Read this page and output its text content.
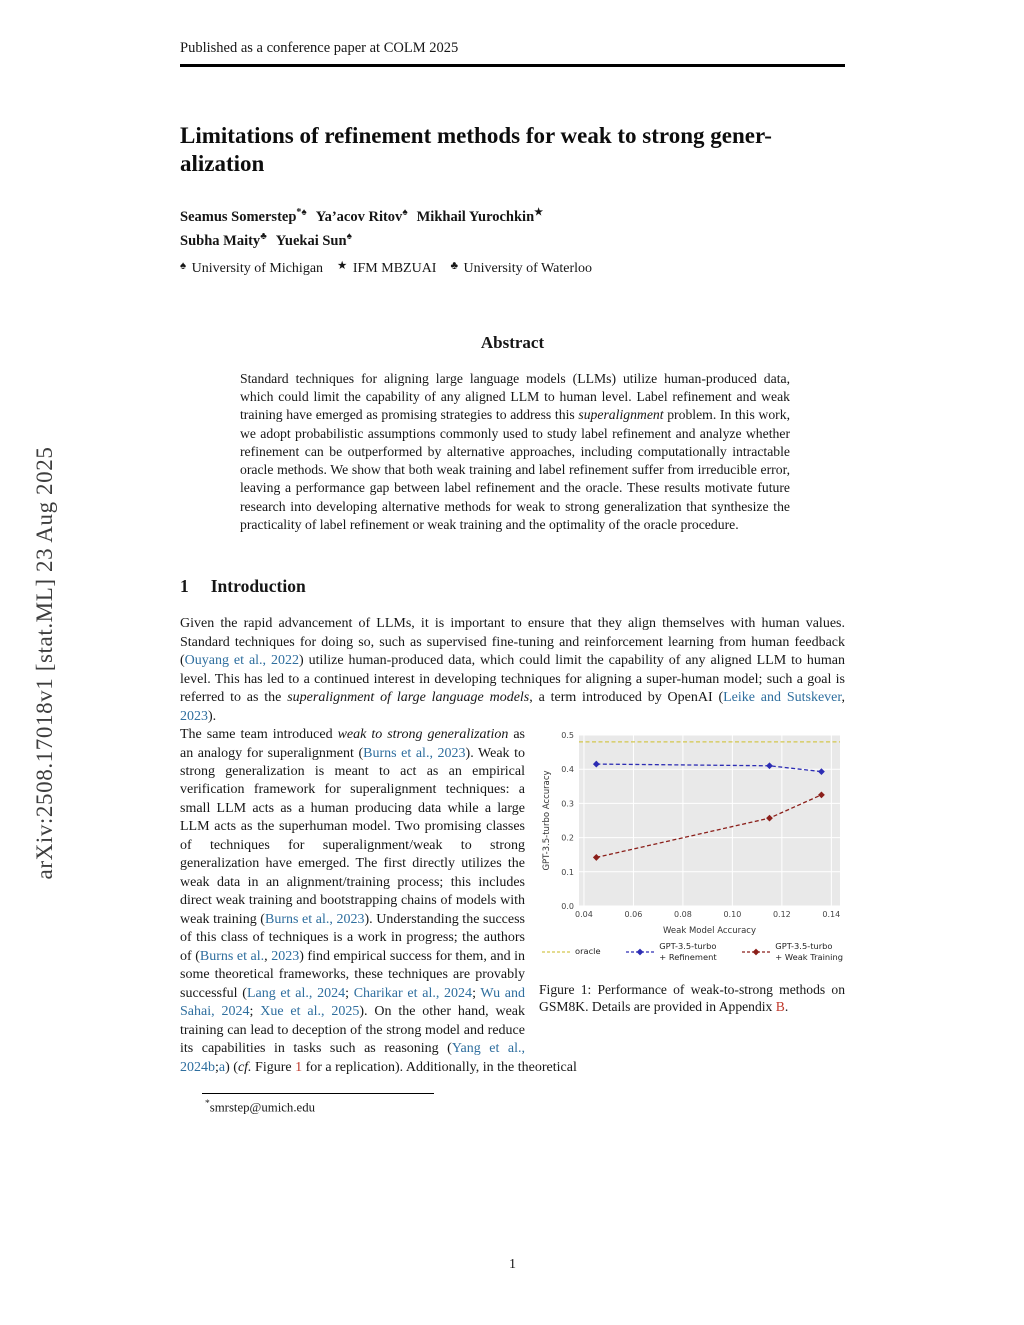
arXiv:2508.17018v1 [stat.ML] 23 Aug 2025
Published as a conference paper at COLM 2025
Limitations of refinement methods for weak to strong gener-
alization
Seamus Somerstep*♠ Ya’acov Ritov♠ Mikhail Yurochkin★
Subha Maity♣ Yuekai Sun♠
♠ University of Michigan ★ IFM MBZUAI ♣ University of Waterloo
Abstract

Standard techniques for aligning large language models (LLMs) utilize human-produced data, which could limit the capability of any aligned LLM to human level. Label refinement and weak training have emerged as promising strategies to address this superalignment problem. In this work, we adopt probabilistic assumptions commonly used to study label refinement and analyze whether refinement can be outperformed by alternative approaches, including computationally intractable oracle methods. We show that both weak training and label refinement suffer from irreducible error, leaving a performance gap between label refinement and the oracle. These results motivate future research into developing alternative methods for weak to strong generalization that synthesize the practicality of label refinement or weak training and the optimality of the oracle procedure.

1 Introduction

Given the rapid advancement of LLMs, it is important to ensure that they align themselves with human values. Standard techniques for doing so, such as supervised fine-tuning and reinforcement learning from human feedback (Ouyang et al., 2022) utilize human-produced data, which could limit the capability of any aligned LLM to human level. This has led to a continued interest in developing techniques for aligning a super-human model; such a goal is referred to as the superalignment of large language models, a term introduced by OpenAI (Leike and Sutskever, 2023).

0.04	0.06	0.08	0.10	0.12	0.14
0.0
0.1
0.2
0.3
0.4
0.5
Weak Model Accuracy
GPT-3.5-turbo Accuracy
oracle
GPT-3.5-turbo
+ Refinement
GPT-3.5-turbo
+ Weak Training
Figure 1: Performance of weak-to-strong methods on GSM8K. Details are provided in Appendix B.

The same team introduced weak to strong generalization as an analogy for superalignment (Burns et al., 2023). Weak to strong generalization is meant to act as an empirical verification framework for superalignment techniques: a small LLM acts as a human producing data while a large LLM acts as the superhuman model. Two promising classes of techniques for superalignment/weak to strong generalization have emerged. The first directly utilizes the weak data in an alignment/training process; this includes direct weak training and bootstrapping chains of models with weak training (Burns et al., 2023). Understanding the success of this class of techniques is a work in progress; the authors of (Burns et al., 2023) find empirical success for them, and in some theoretical frameworks, these techniques are provably successful (Lang et al., 2024; Charikar et al., 2024; Wu and Sahai, 2024; Xue et al., 2025). On the other hand, weak training can lead to deception of the strong model and reduce its capabilities in tasks such as reasoning (Yang et al., 2024b;a) (cf. Figure 1 for a replication). Additionally, in the theoretical

*smrstep@umich.edu
1
